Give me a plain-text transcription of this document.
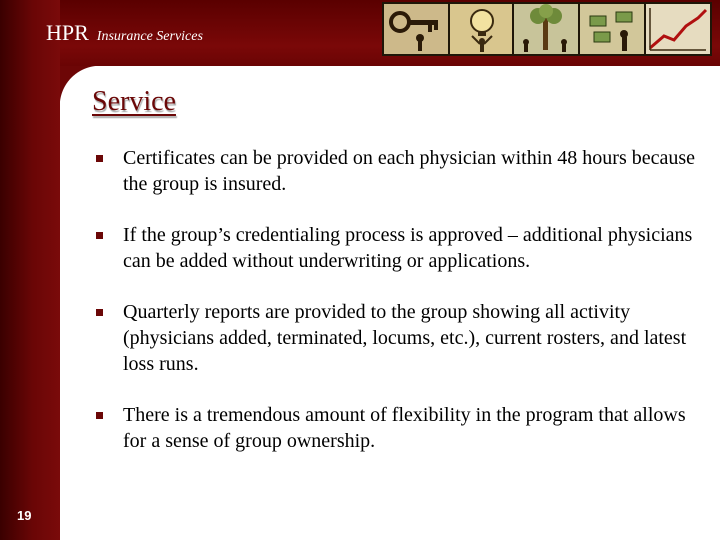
HPR Insurance Services
Service
Certificates can be provided on each physician within 48 hours because the group is insured.
If the group’s credentialing process is approved – additional physicians can be added without underwriting or applications.
Quarterly reports are provided to the group showing all activity (physicians added, terminated, locums, etc.), current rosters, and latest loss runs.
There is a tremendous amount of flexibility in the program that allows for a sense of group ownership.
19
